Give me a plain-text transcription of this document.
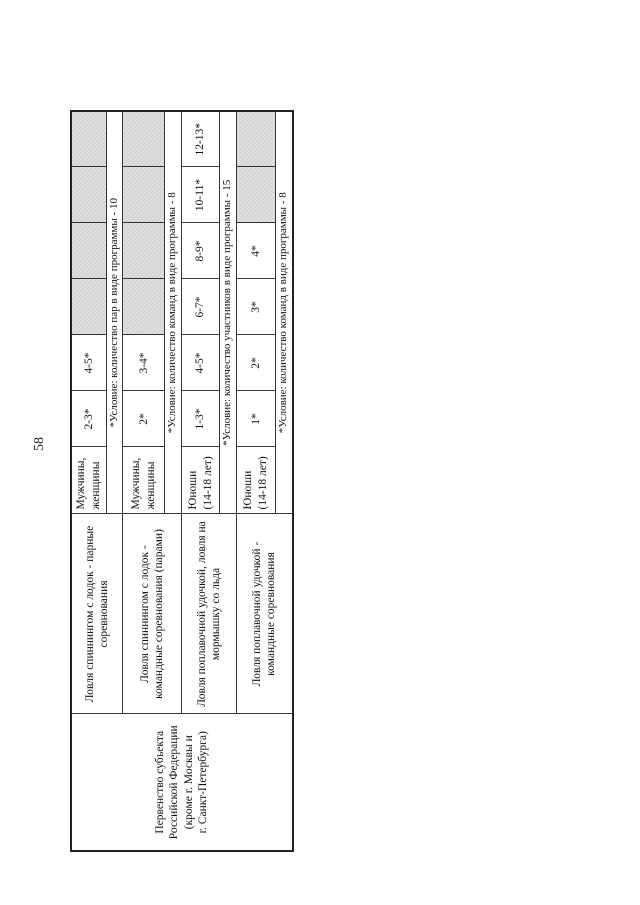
58
Первенство субъекта Российской Федерации (кроме г. Москвы и г. Санкт-Петербурга)	Ловля спиннингом с лодок - парные соревнования	Мужчины, женщины	2-3*	4-5*				
		*Условие: количество пар в виде программы - 10						
	Ловля спиннингом с лодок - командные соревнования (парами)	Мужчины, женщины	2*	3-4*				
		*Условие: количество команд в виде программы - 8						
	Ловля поплавочной удочкой, ловля на мормышку со льда	Юноши (14-18 лет)	1-3*	4-5*	6-7*	8-9*	10-11*	12-13*
		*Условие: количество участников в виде программы - 15						
	Ловля поплавочной удочкой - командные соревнования	Юноши (14-18 лет)	1*	2*	3*	4*		
		*Условие: количество команд в виде программы - 8						
